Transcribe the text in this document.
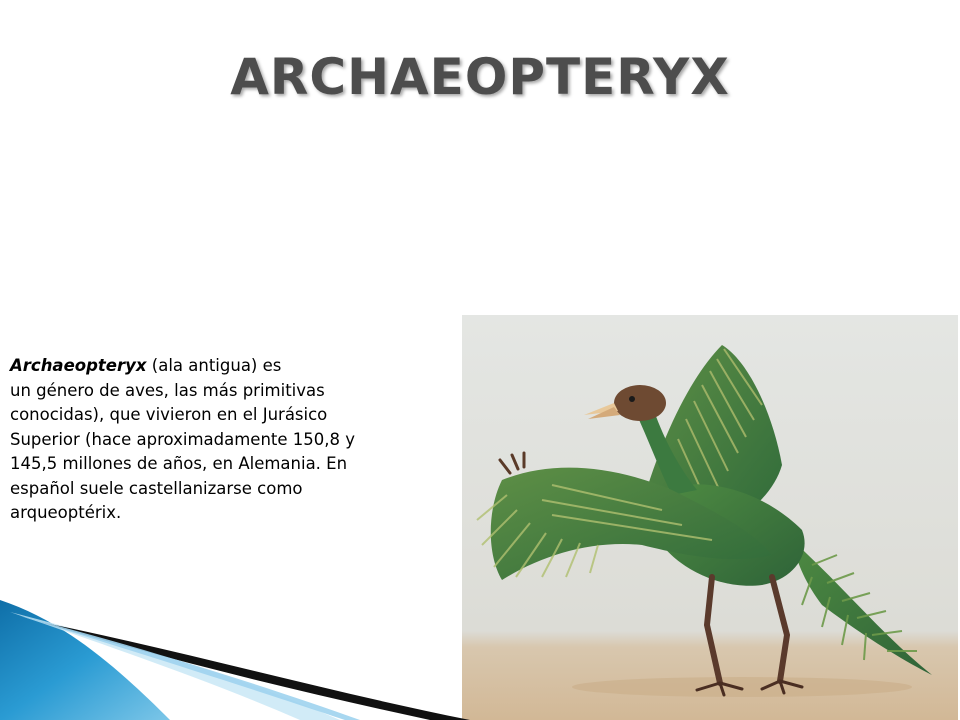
ARCHAEOPTERYX

Archaeopteryx (ala antigua) es
un género de aves, las más primitivas
conocidas), que vivieron en el Jurásico
Superior (hace aproximadamente 150,8 y
145,5 millones de años, en Alemania. En
español suele castellanizarse como
arqueoptérix.
